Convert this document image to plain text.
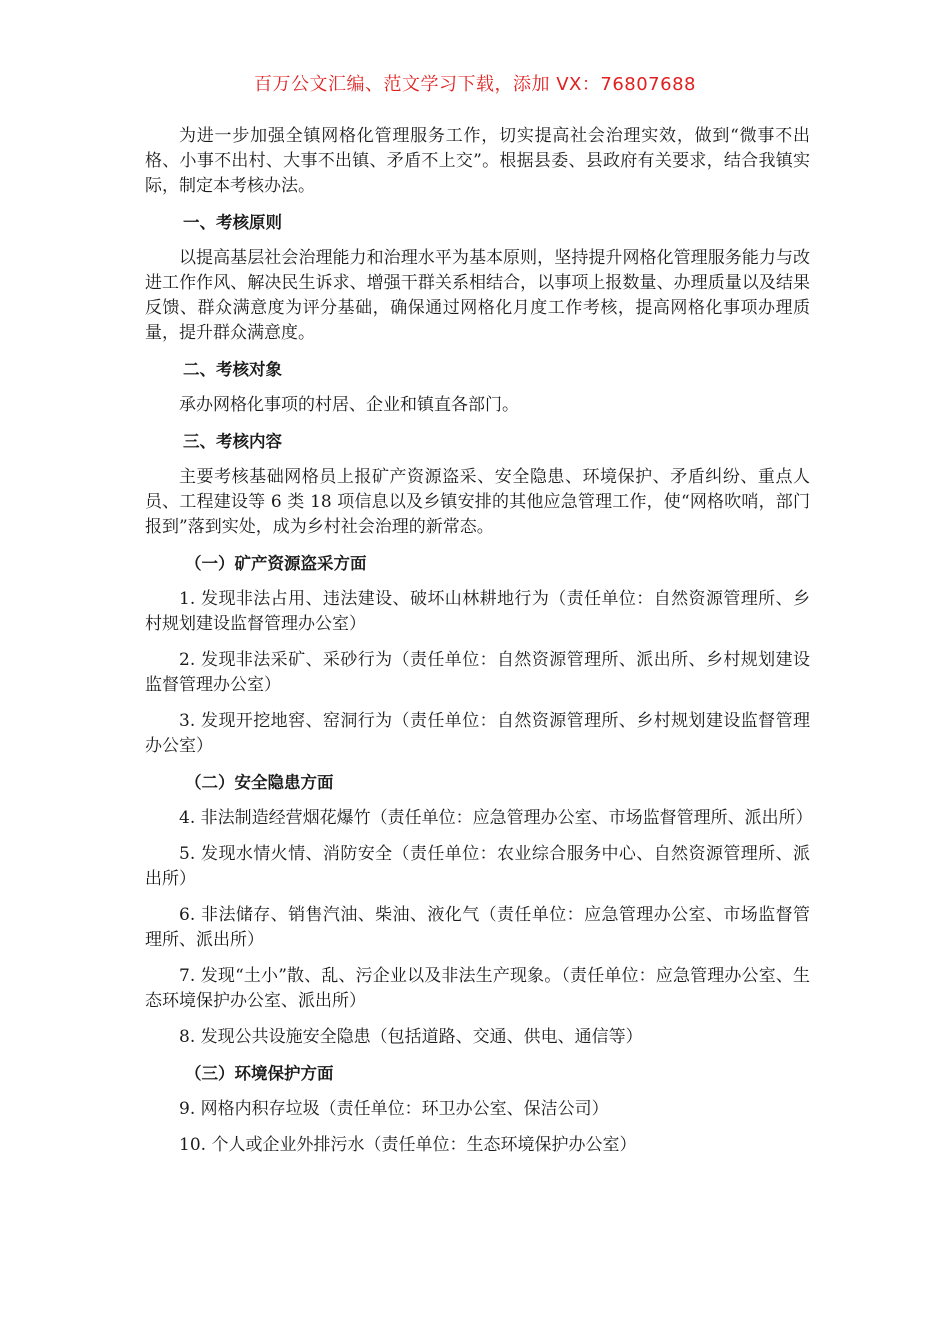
百万公文汇编、范文学习下载，添加 VX：76807688

为进一步加强全镇网格化管理服务工作，切实提高社会治理实效，做到“微事不出格、小事不出村、大事不出镇、矛盾不上交”。根据县委、县政府有关要求，结合我镇实际，制定本考核办法。

一、考核原则

以提高基层社会治理能力和治理水平为基本原则，坚持提升网格化管理服务能力与改进工作作风、解决民生诉求、增强干群关系相结合，以事项上报数量、办理质量以及结果反馈、群众满意度为评分基础，确保通过网格化月度工作考核，提高网格化事项办理质量，提升群众满意度。

二、考核对象

承办网格化事项的村居、企业和镇直各部门。

三、考核内容

主要考核基础网格员上报矿产资源盗采、安全隐患、环境保护、矛盾纠纷、重点人员、工程建设等 6 类 18 项信息以及乡镇安排的其他应急管理工作，使“网格吹哨，部门报到”落到实处，成为乡村社会治理的新常态。

（一）矿产资源盗采方面

1. 发现非法占用、违法建设、破坏山林耕地行为（责任单位：自然资源管理所、乡村规划建设监督管理办公室）

2. 发现非法采矿、采砂行为（责任单位：自然资源管理所、派出所、乡村规划建设监督管理办公室）

3. 发现开挖地窖、窑洞行为（责任单位：自然资源管理所、乡村规划建设监督管理办公室）

（二）安全隐患方面

4. 非法制造经营烟花爆竹（责任单位：应急管理办公室、市场监督管理所、派出所）

5. 发现水情火情、消防安全（责任单位：农业综合服务中心、自然资源管理所、派出所）

6. 非法储存、销售汽油、柴油、液化气（责任单位：应急管理办公室、市场监督管理所、派出所）

7. 发现“土小”散、乱、污企业以及非法生产现象。（责任单位：应急管理办公室、生态环境保护办公室、派出所）

8. 发现公共设施安全隐患（包括道路、交通、供电、通信等）

（三）环境保护方面

9. 网格内积存垃圾（责任单位：环卫办公室、保洁公司）

10. 个人或企业外排污水（责任单位：生态环境保护办公室）
